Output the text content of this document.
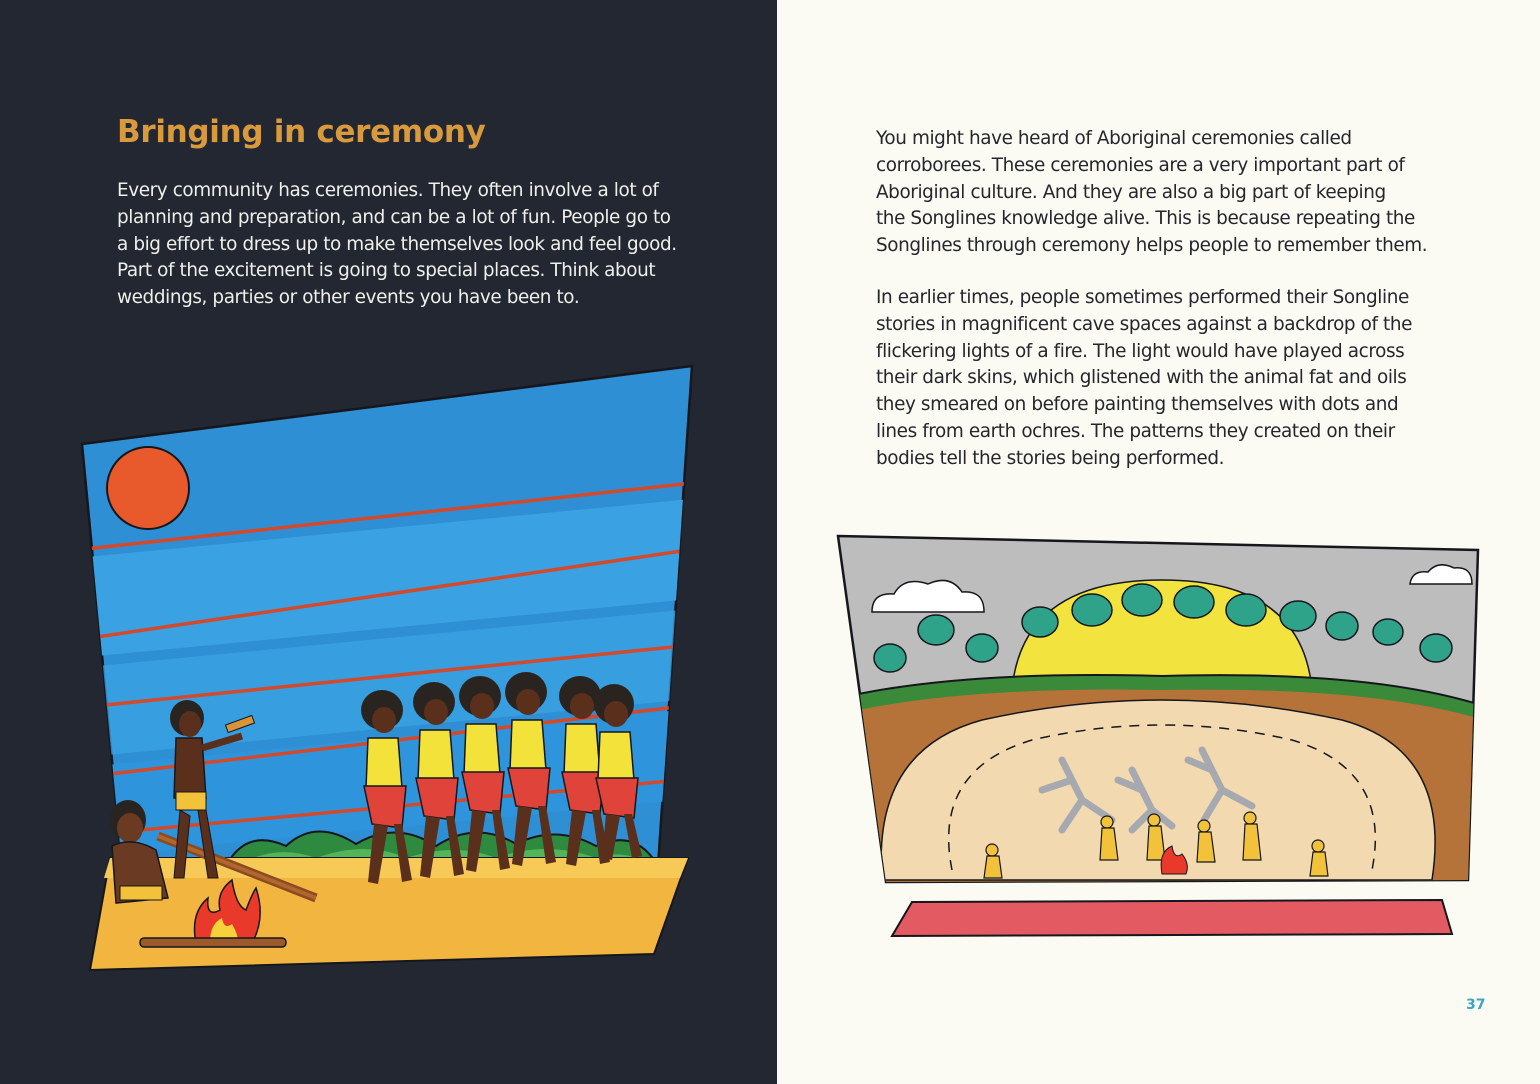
Bringing in ceremony

Every community has ceremonies. They often involve a lot of
planning and preparation, and can be a lot of fun. People go to
a big effort to dress up to make themselves look and feel good.
Part of the excitement is going to special places. Think about
weddings, parties or other events you have been to.

You might have heard of Aboriginal ceremonies called
corroborees. These ceremonies are a very important part of
Aboriginal culture. And they are also a big part of keeping
the Songlines knowledge alive. This is because repeating the
Songlines through ceremony helps people to remember them.

In earlier times, people sometimes performed their Songline
stories in magnificent cave spaces against a backdrop of the
flickering lights of a fire. The light would have played across
their dark skins, which glistened with the animal fat and oils
they smeared on before painting themselves with dots and
lines from earth ochres. The patterns they created on their
bodies tell the stories being performed.

37
